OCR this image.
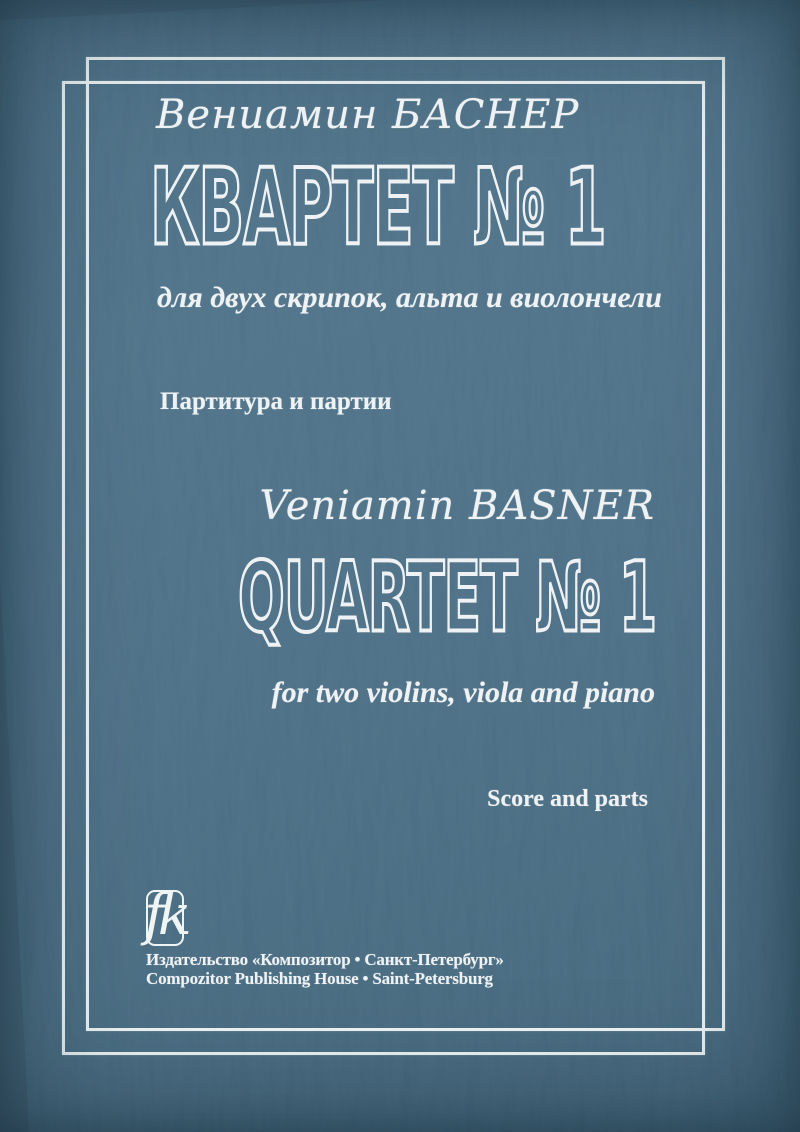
Вениамин БАСНЕР
КВАРТЕТ № 1
для двух скрипок, альта и виолончели
Партитура и партии
Veniamin BASNER
QUARTET № 1
for two violins, viola and piano
Score and parts
fk
Издательство «Композитор • Санкт-Петербург»
Compozitor Publishing House • Saint-Petersburg
